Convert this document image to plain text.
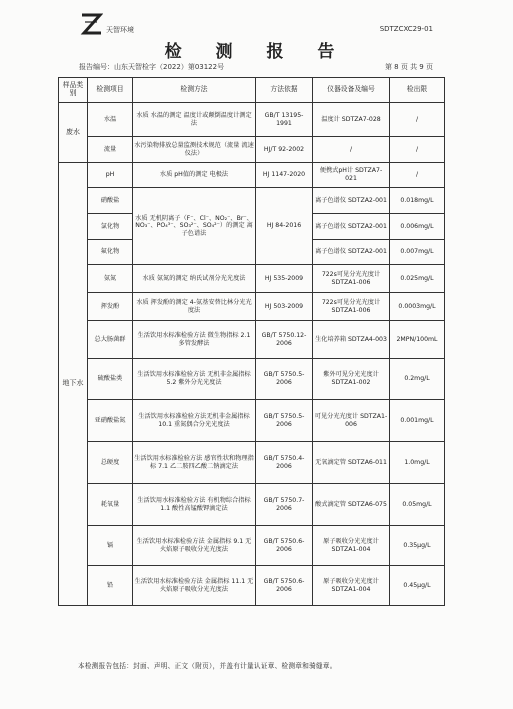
天智环境	SDTZCXC29-01
检 测 报 告
报告编号：山东天智检字（2022）第03122号	第 8 页 共 9 页
样品类别	检测项目	检测方法	方法依据	仪器设备及编号	检出限
废水	水温	水质 水温的测定 温度计或颠倒温度计测定法	GB/T 13195-1991	温度计 SDTZA7-028	/
	流量	水污染物排放总量监测技术规范（流量 流速仪法）	HJ/T 92-2002	/	/
地下水	pH	水质 pH值的测定 电极法	HJ 1147-2020	便携式pH计 SDTZA7-021	/
	硝酸盐	水质 无机阴离子（F⁻、Cl⁻、NO₂⁻、Br⁻、NO₃⁻、PO₄³⁻、SO₃²⁻、SO₄²⁻）的测定 离子色谱法	HJ 84-2016	离子色谱仪 SDTZA2-001	0.018mg/L
	氯化物			离子色谱仪 SDTZA2-001	0.006mg/L
	氟化物			离子色谱仪 SDTZA2-001	0.007mg/L
	氨氮	水质 氨氮的测定 纳氏试剂分光光度法	HJ 535-2009	722s可见分光光度计 SDTZA1-006	0.025mg/L
	挥发酚	水质 挥发酚的测定 4-氨基安替比林分光光度法	HJ 503-2009	722s可见分光光度计 SDTZA1-006	0.0003mg/L
	总大肠菌群	生活饮用水标准检验方法 微生物指标 2.1 多管发酵法	GB/T 5750.12-2006	生化培养箱 SDTZA4-003	2MPN/100mL
	硫酸盐类	生活饮用水标准检验方法 无机非金属指标 5.2 紫外分光光度法	GB/T 5750.5-2006	紫外可见分光光度计 SDTZA1-002	0.2mg/L
	亚硝酸盐氮	生活饮用水标准检验方法无机非金属指标 10.1 重氮偶合分光光度法	GB/T 5750.5-2006	可见分光光度计 SDTZA1-006	0.001mg/L
	总硬度	生活饮用水标准检验方法 感官性状和物理指标 7.1 乙二胺四乙酸二钠滴定法	GB/T 5750.4-2006	无氧滴定管 SDTZA6-011	1.0mg/L
	耗氧量	生活饮用水标准检验方法 有机物综合指标 1.1 酸性高锰酸钾滴定法	GB/T 5750.7-2006	酸式滴定管 SDTZA6-075	0.05mg/L
	镉	生活饮用水标准检验方法 金属指标 9.1 无火焰原子吸收分光光度法	GB/T 5750.6-2006	原子吸收分光光度计 SDTZA1-004	0.35μg/L
	铅	生活饮用水标准检验方法 金属指标 11.1 无火焰原子吸收分光光度法	GB/T 5750.6-2006	原子吸收分光光度计 SDTZA1-004	0.45μg/L
本检测报告包括：封面、声明、正文（附页），并盖有计量认证章、检测章和骑缝章。
